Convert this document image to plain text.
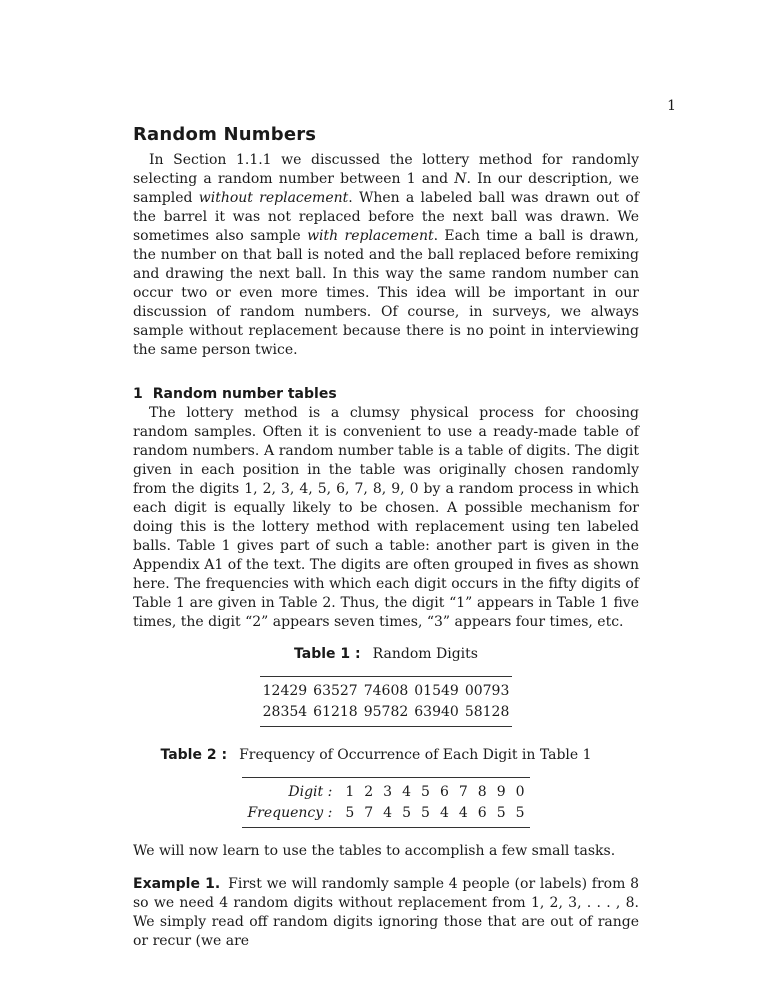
1
Random Numbers

In Section 1.1.1 we discussed the lottery method for randomly selecting a random number between 1 and N. In our description, we sampled without replacement. When a labeled ball was drawn out of the barrel it was not replaced before the next ball was drawn. We sometimes also sample with replacement. Each time a ball is drawn, the number on that ball is noted and the ball replaced before remixing and drawing the next ball. In this way the same random number can occur two or even more times. This idea will be important in our discussion of random numbers. Of course, in surveys, we always sample without replacement because there is no point in interviewing the same person twice.

1 Random number tables

The lottery method is a clumsy physical process for choosing random samples. Often it is convenient to use a ready-made table of random numbers. A random number table is a table of digits. The digit given in each position in the table was originally chosen randomly from the digits 1, 2, 3, 4, 5, 6, 7, 8, 9, 0 by a random process in which each digit is equally likely to be chosen. A possible mechanism for doing this is the lottery method with replacement using ten labeled balls. Table 1 gives part of such a table: another part is given in the Appendix A1 of the text. The digits are often grouped in fives as shown here. The frequencies with which each digit occurs in the fifty digits of Table 1 are given in Table 2. Thus, the digit “1” appears in Table 1 five times, the digit “2” appears seven times, “3” appears four times, etc.

Table 1 : Random Digits

12429	63527	74608	01549	00793
28354	61218	95782	63940	58128

Table 2 : Frequency of Occurrence of Each Digit in Table 1

Digit :	1	2	3	4	5	6	7	8	9	0
Frequency :	5	7	4	5	5	4	4	6	5	5

We will now learn to use the tables to accomplish a few small tasks.

Example 1. First we will randomly sample 4 people (or labels) from 8 so we need 4 random digits without replacement from 1, 2, 3, . . . , 8. We simply read off random digits ignoring those that are out of range or recur (we are
